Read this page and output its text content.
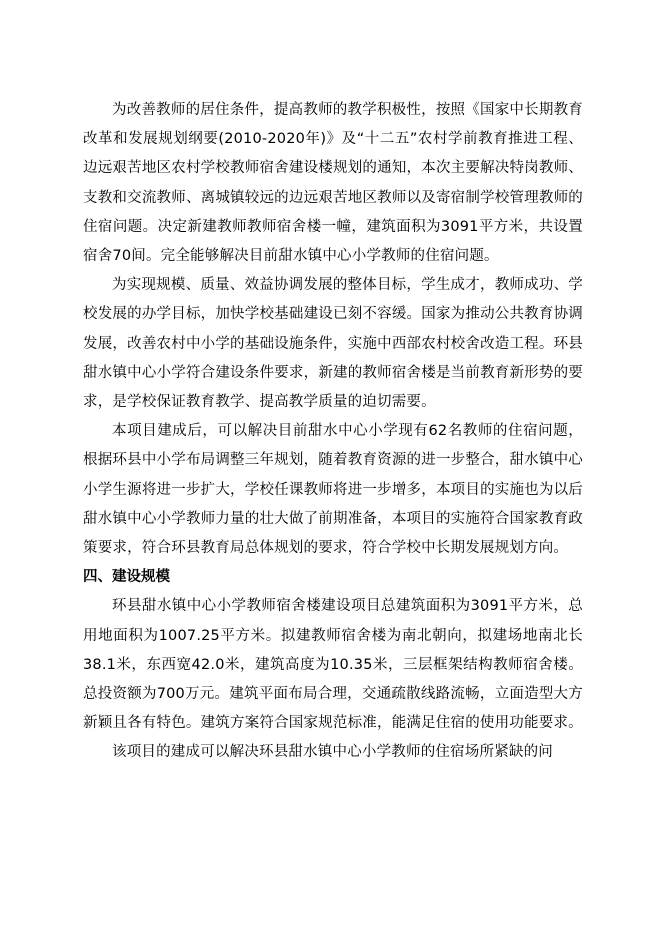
为改善教师的居住条件，提高教师的教学积极性，按照《国家中长期教育改革和发展规划纲要(2010-2020年)》及“十二五”农村学前教育推进工程、边远艰苦地区农村学校教师宿舍建设楼规划的通知，本次主要解决特岗教师、支教和交流教师、离城镇较远的边远艰苦地区教师以及寄宿制学校管理教师的住宿问题。决定新建教师教师宿舍楼一幢，建筑面积为3091平方米，共设置宿舍70间。完全能够解决目前甜水镇中心小学教师的住宿问题。

为实现规模、质量、效益协调发展的整体目标，学生成才，教师成功、学校发展的办学目标，加快学校基础建设已刻不容缓。国家为推动公共教育协调发展，改善农村中小学的基础设施条件，实施中西部农村校舍改造工程。环县甜水镇中心小学符合建设条件要求，新建的教师宿舍楼是当前教育新形势的要求，是学校保证教育教学、提高教学质量的迫切需要。

本项目建成后，可以解决目前甜水中心小学现有62名教师的住宿问题，根据环县中小学布局调整三年规划，随着教育资源的进一步整合，甜水镇中心小学生源将进一步扩大，学校任课教师将进一步增多，本项目的实施也为以后甜水镇中心小学教师力量的壮大做了前期准备，本项目的实施符合国家教育政策要求，符合环县教育局总体规划的要求，符合学校中长期发展规划方向。

四、建设规模

环县甜水镇中心小学教师宿舍楼建设项目总建筑面积为3091平方米，总用地面积为1007.25平方米。拟建教师宿舍楼为南北朝向，拟建场地南北长38.1米，东西宽42.0米，建筑高度为10.35米，三层框架结构教师宿舍楼。总投资额为700万元。建筑平面布局合理，交通疏散线路流畅，立面造型大方新颖且各有特色。建筑方案符合国家规范标准，能满足住宿的使用功能要求。

该项目的建成可以解决环县甜水镇中心小学教师的住宿场所紧缺的问
